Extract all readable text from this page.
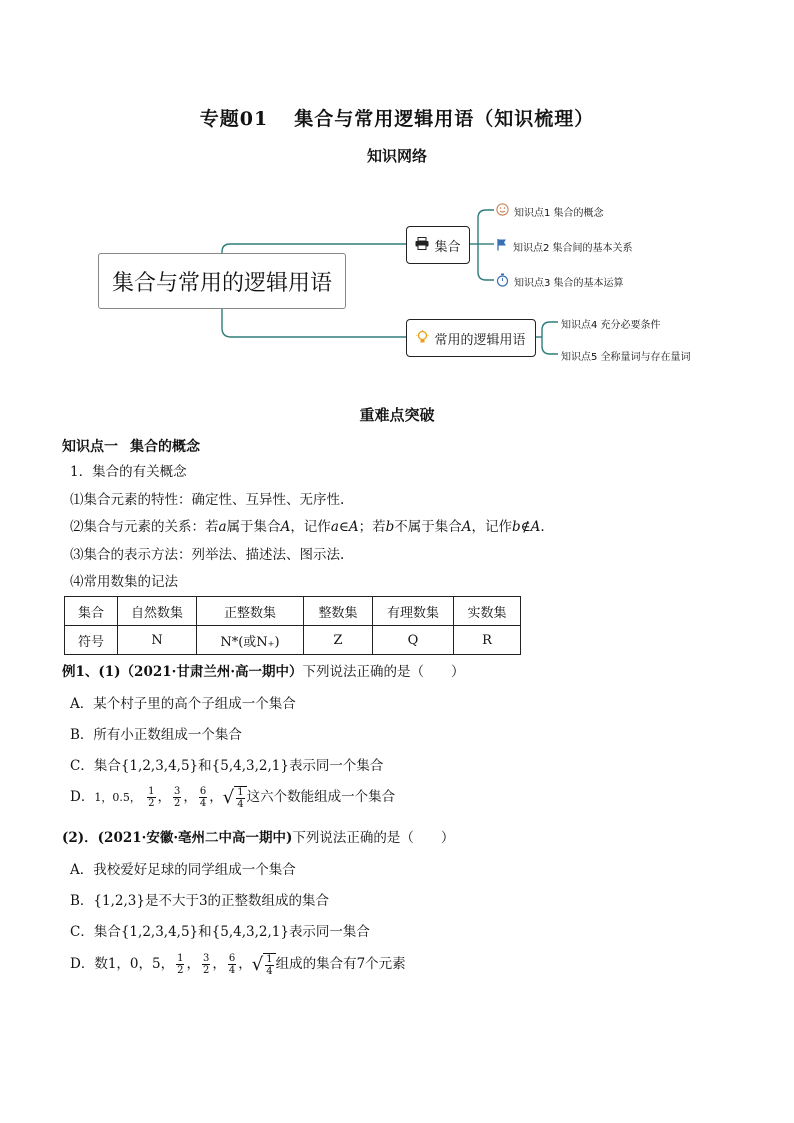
专题01 集合与常用逻辑用语（知识梳理）
知识网络
集合与常用的逻辑用语
集合
常用的逻辑用语
知识点1 集合的概念
知识点2 集合间的基本关系
知识点3 集合的基本运算
知识点4 充分必要条件
知识点5 全称量词与存在量词
重难点突破
知识点一 集合的概念
1．集合的有关概念
⑴集合元素的特性：确定性、互异性、无序性.
⑵集合与元素的关系：若a属于集合A，记作a∈A；若b不属于集合A，记作b∉A.
⑶集合的表示方法：列举法、描述法、图示法.
⑷常用数集的记法
集合	自然数集	正整数集	整数集	有理数集	实数集
符号	N	N*(或N₊)	Z	Q	R
例1、(1)（2021·甘肃兰州·高一期中）下列说法正确的是（　　）
A．某个村子里的高个子组成一个集合
B．所有小正数组成一个集合
C．集合{1,2,3,4,5}和{5,4,3,2,1}表示同一个集合
D．1，0.5， $\frac{1}{2}$ ， $\frac{3}{2}$ ， $\frac{6}{4}$ ， √ $\frac{1}{4}$ 这六个数能组成一个集合
(2)．(2021·安徽·亳州二中高一期中)下列说法正确的是（　　）
A．我校爱好足球的同学组成一个集合
B．{1,2,3}是不大于3的正整数组成的集合
C．集合{1,2,3,4,5}和{5,4,3,2,1}表示同一集合
D．数1，0，5， $\frac{1}{2}$ ， $\frac{3}{2}$ ， $\frac{6}{4}$ ， √ $\frac{1}{4}$ 组成的集合有7个元素
